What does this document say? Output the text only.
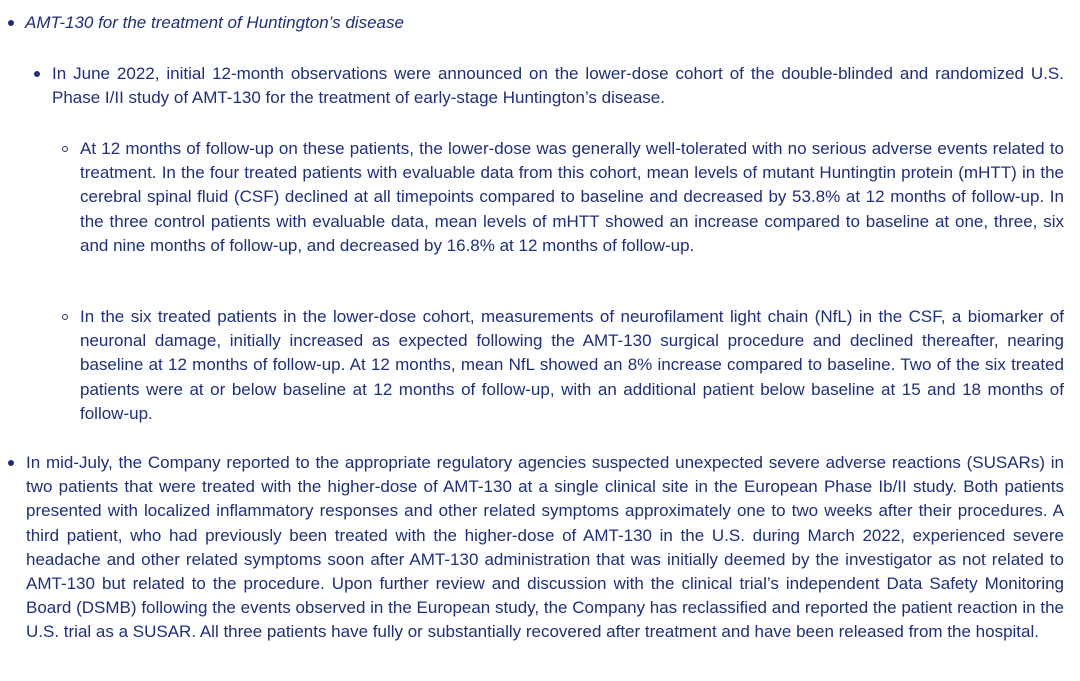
AMT-130 for the treatment of Huntington’s disease
In June 2022, initial 12-month observations were announced on the lower-dose cohort of the double-blinded and randomized U.S. Phase I/II study of AMT-130 for the treatment of early-stage Huntington’s disease.
At 12 months of follow-up on these patients, the lower-dose was generally well-tolerated with no serious adverse events related to treatment. In the four treated patients with evaluable data from this cohort, mean levels of mutant Huntingtin protein (mHTT) in the cerebral spinal fluid (CSF) declined at all timepoints compared to baseline and decreased by 53.8% at 12 months of follow-up. In the three control patients with evaluable data, mean levels of mHTT showed an increase compared to baseline at one, three, six and nine months of follow-up, and decreased by 16.8% at 12 months of follow-up.
In the six treated patients in the lower-dose cohort, measurements of neurofilament light chain (NfL) in the CSF, a biomarker of neuronal damage, initially increased as expected following the AMT-130 surgical procedure and declined thereafter, nearing baseline at 12 months of follow-up. At 12 months, mean NfL showed an 8% increase compared to baseline. Two of the six treated patients were at or below baseline at 12 months of follow-up, with an additional patient below baseline at 15 and 18 months of follow-up.
In mid-July, the Company reported to the appropriate regulatory agencies suspected unexpected severe adverse reactions (SUSARs) in two patients that were treated with the higher-dose of AMT-130 at a single clinical site in the European Phase Ib/II study. Both patients presented with localized inflammatory responses and other related symptoms approximately one to two weeks after their procedures. A third patient, who had previously been treated with the higher-dose of AMT-130 in the U.S. during March 2022, experienced severe headache and other related symptoms soon after AMT-130 administration that was initially deemed by the investigator as not related to AMT-130 but related to the procedure. Upon further review and discussion with the clinical trial’s independent Data Safety Monitoring Board (DSMB) following the events observed in the European study, the Company has reclassified and reported the patient reaction in the U.S. trial as a SUSAR. All three patients have fully or substantially recovered after treatment and have been released from the hospital.
